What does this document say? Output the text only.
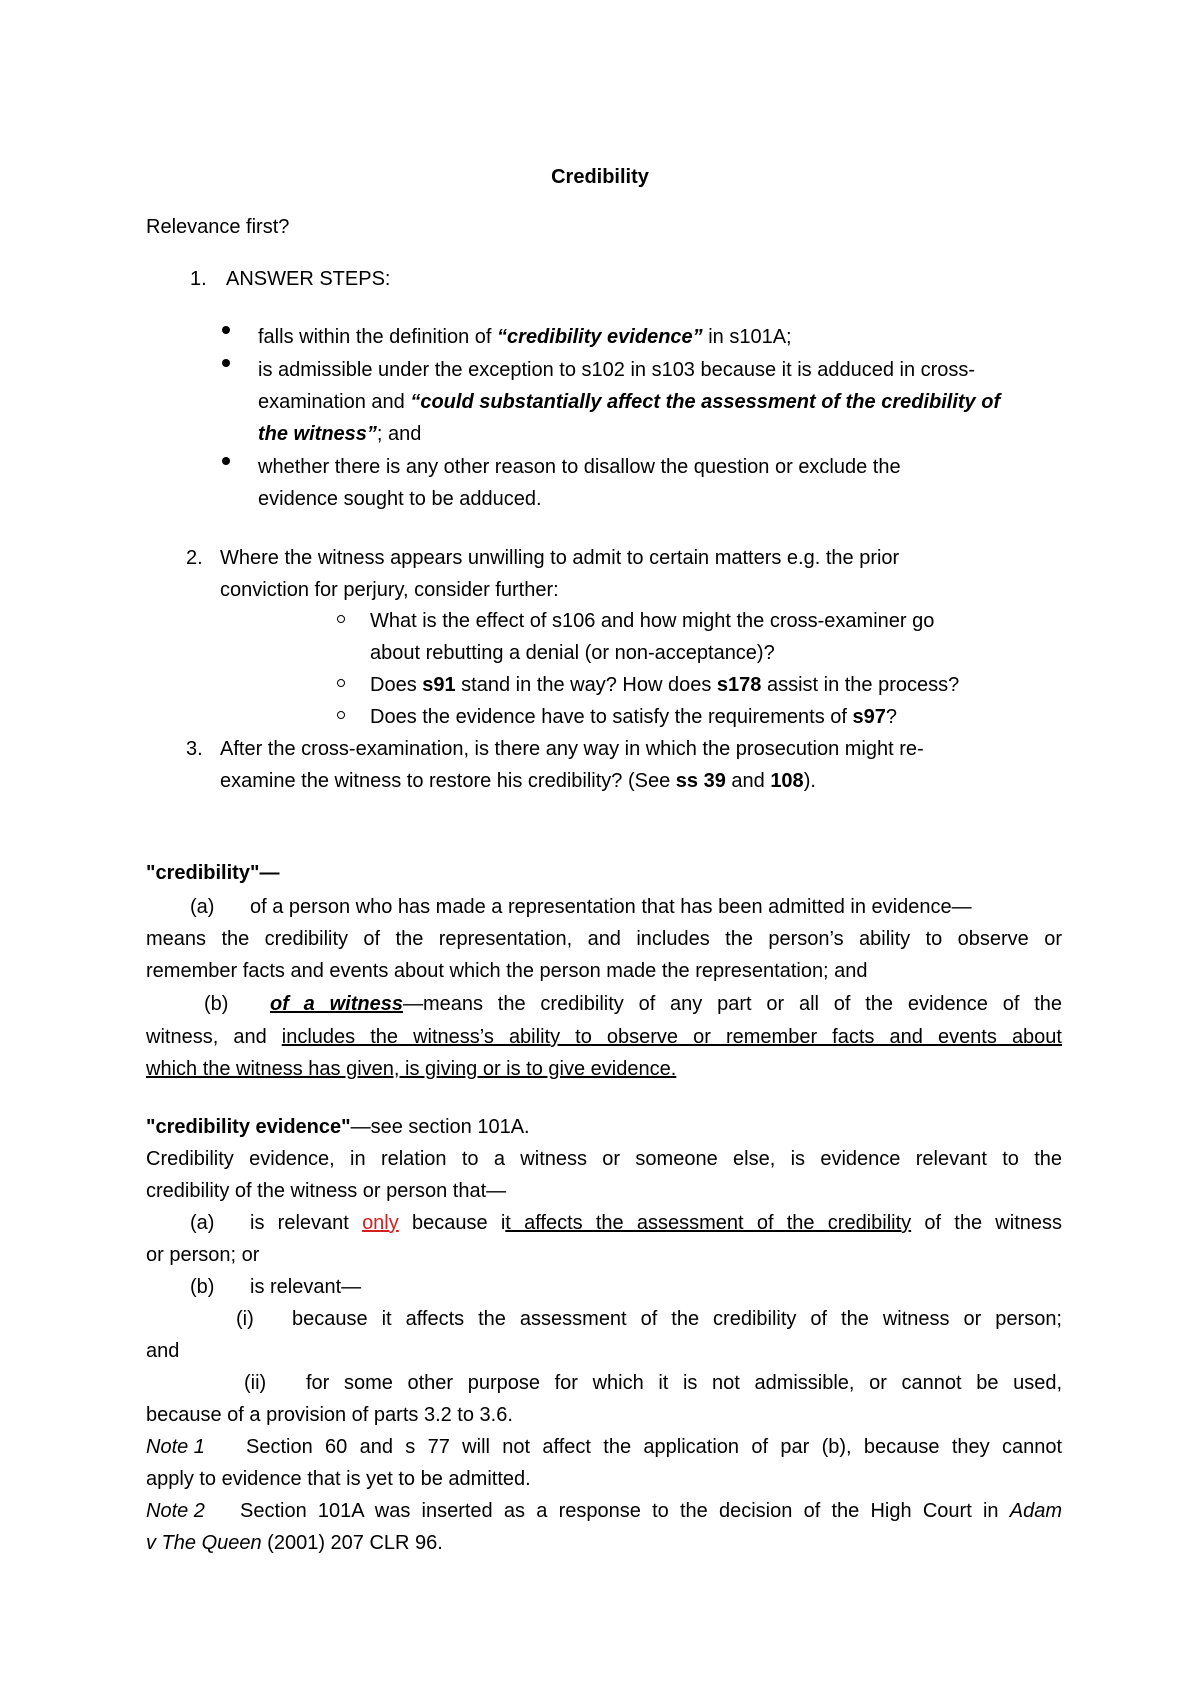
Credibility
Relevance first?
1. ANSWER STEPS:
falls within the definition of “credibility evidence” in s101A;
is admissible under the exception to s102 in s103 because it is adduced in cross-
examination and “could substantially affect the assessment of the credibility of
the witness”; and
whether there is any other reason to disallow the question or exclude the
evidence sought to be adduced.
2. Where the witness appears unwilling to admit to certain matters e.g. the prior
conviction for perjury, consider further:
What is the effect of s106 and how might the cross-examiner go
about rebutting a denial (or non-acceptance)?
Does s91 stand in the way? How does s178 assist in the process?
Does the evidence have to satisfy the requirements of s97?
3. After the cross-examination, is there any way in which the prosecution might re-
examine the witness to restore his credibility? (See ss 39 and 108).
"credibility"—
(a) of a person who has made a representation that has been admitted in evidence—
means the credibility of the representation, and includes the person’s ability to observe or
remember facts and events about which the person made the representation; and
(b) of a witness—means the credibility of any part or all of the evidence of the
witness, and includes the witness’s ability to observe or remember facts and events about
which the witness has given, is giving or is to give evidence.
"credibility evidence"—see section 101A.
Credibility evidence, in relation to a witness or someone else, is evidence relevant to the
credibility of the witness or person that—
(a) is relevant only because it affects the assessment of the credibility of the witness
or person; or
(b) is relevant—
(i) because it affects the assessment of the credibility of the witness or person;
and
(ii) for some other purpose for which it is not admissible, or cannot be used,
because of a provision of parts 3.2 to 3.6.
Note 1 Section 60 and s 77 will not affect the application of par (b), because they cannot
apply to evidence that is yet to be admitted.
Note 2 Section 101A was inserted as a response to the decision of the High Court in Adam
v The Queen (2001) 207 CLR 96.
